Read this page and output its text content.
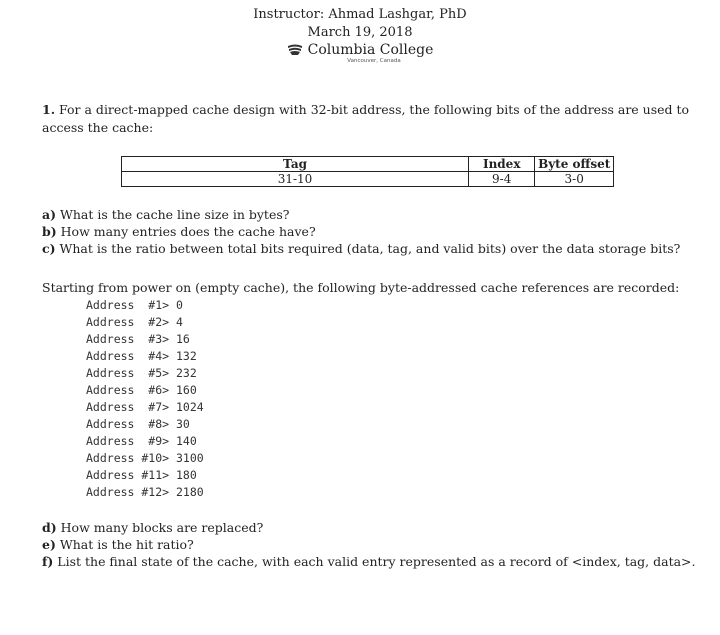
Instructor: Ahmad Lashgar, PhD
March 19, 2018
Columbia College
Vancouver, Canada
1. For a direct-mapped cache design with 32-bit address, the following bits of the address are used to
access the cache:
Tag	Index	Byte offset
31-10	9-4	3-0
a) What is the cache line size in bytes?
b) How many entries does the cache have?
c) What is the ratio between total bits required (data, tag, and valid bits) over the data storage bits?
Starting from power on (empty cache), the following byte-addressed cache references are recorded:
Address  #1> 0
Address  #2> 4
Address  #3> 16
Address  #4> 132
Address  #5> 232
Address  #6> 160
Address  #7> 1024
Address  #8> 30
Address  #9> 140
Address #10> 3100
Address #11> 180
Address #12> 2180
d) How many blocks are replaced?
e) What is the hit ratio?
f) List the final state of the cache, with each valid entry represented as a record of <index, tag, data>.
